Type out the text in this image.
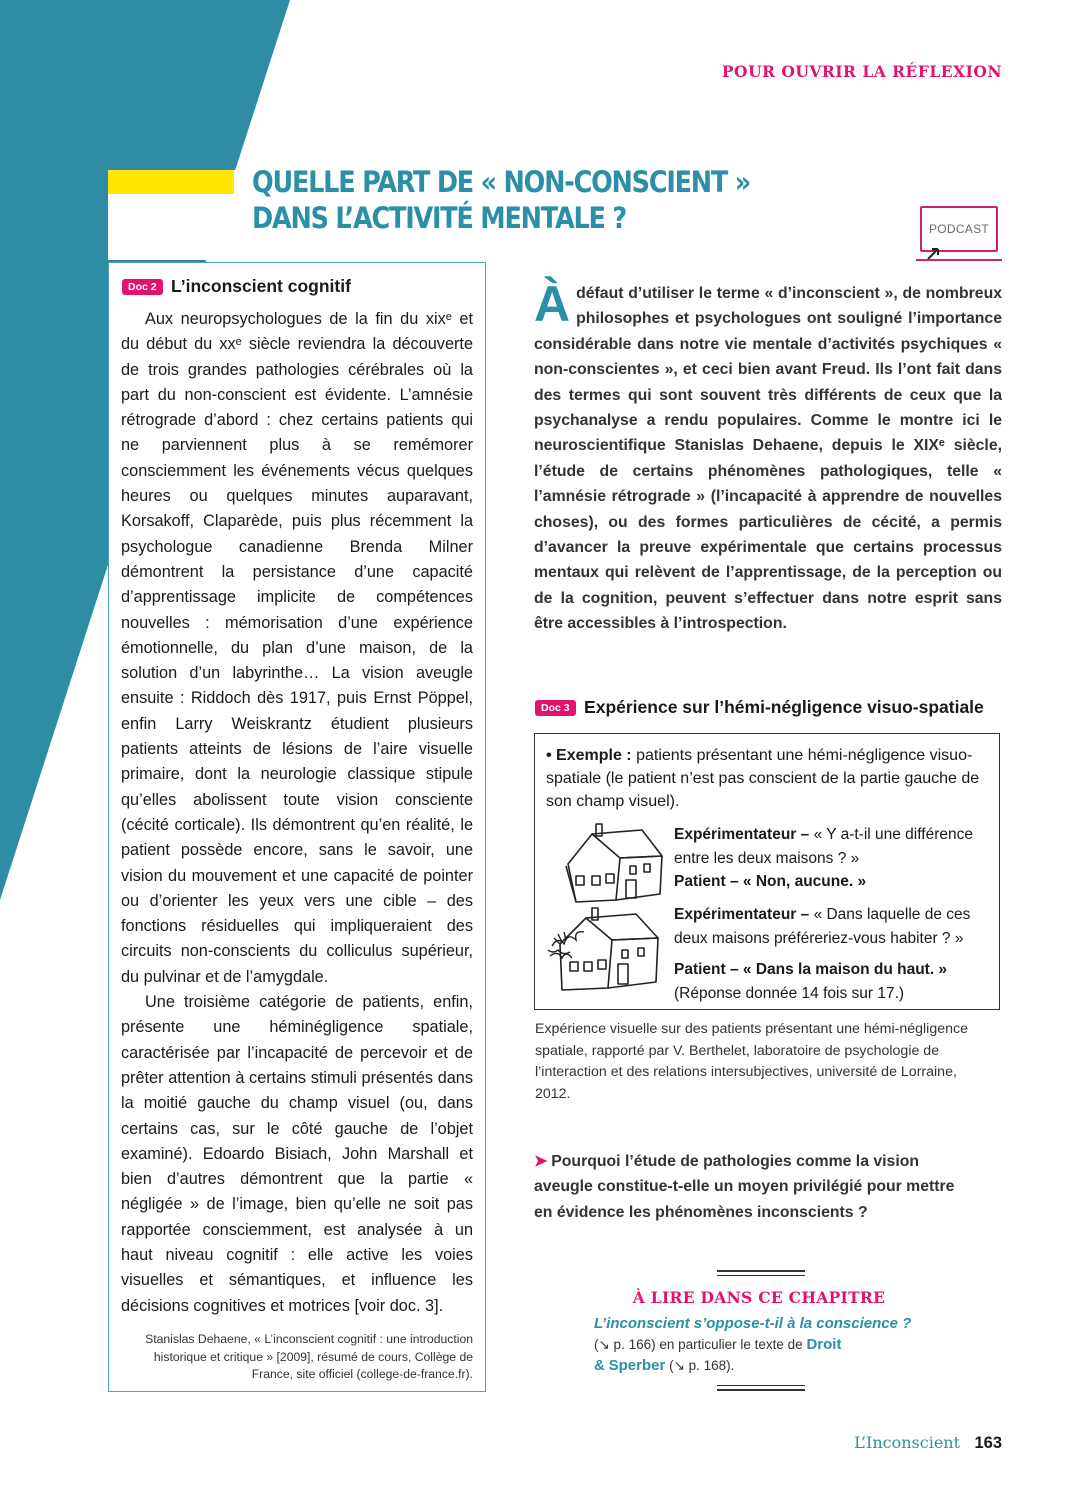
POUR OUVRIR LA RÉFLEXION
QUELLE PART DE « NON-CONSCIENT »
DANS L’ACTIVITÉ MENTALE ?	PODCAST
Doc 2 L’inconscient cognitif

Aux neuropsychologues de la fin du xixᵉ et du début du xxᵉ siècle reviendra la découverte de trois grandes pathologies cérébrales où la part du non-conscient est évidente. L’amnésie rétrograde d’abord : chez certains patients qui ne parviennent plus à se remémorer consciemment les événements vécus quelques heures ou quelques minutes auparavant, Korsakoff, Claparède, puis plus récemment la psychologue canadienne Brenda Milner démontrent la persistance d’une capacité d’apprentissage implicite de compétences nouvelles : mémorisation d’une expérience émotionnelle, du plan d’une maison, de la solution d’un labyrinthe… La vision aveugle ensuite : Riddoch dès 1917, puis Ernst Pöppel, enfin Larry Weiskrantz étudient plusieurs patients atteints de lésions de l’aire visuelle primaire, dont la neurologie classique stipule qu’elles abolissent toute vision consciente (cécité corticale). Ils démontrent qu’en réalité, le patient possède encore, sans le savoir, une vision du mouvement et une capacité de pointer ou d’orienter les yeux vers une cible – des fonctions résiduelles qui impliqueraient des circuits non-conscients du colliculus supérieur, du pulvinar et de l’amygdale.

Une troisième catégorie de patients, enfin, présente une héminégligence spatiale, caractérisée par l’incapacité de percevoir et de prêter attention à certains stimuli présentés dans la moitié gauche du champ visuel (ou, dans certains cas, sur le côté gauche de l’objet examiné). Edoardo Bisiach, John Marshall et bien d’autres démontrent que la partie « négligée » de l’image, bien qu’elle ne soit pas rapportée consciemment, est analysée à un haut niveau cognitif : elle active les voies visuelles et sémantiques, et influence les décisions cognitives et motrices [voir doc. 3].

Stanislas Dehaene, « L’inconscient cognitif : une introduction historique et critique » [2009], résumé de cours, Collège de France, site officiel (college-de-france.fr).
À défaut d’utiliser le terme « d’inconscient », de nombreux philosophes et psychologues ont souligné l’importance considérable dans notre vie mentale d’activités psychiques « non-conscientes », et ceci bien avant Freud. Ils l’ont fait dans des termes qui sont souvent très différents de ceux que la psychanalyse a rendu populaires. Comme le montre ici le neuroscientifique Stanislas Dehaene, depuis le XIXᵉ siècle, l’étude de certains phénomènes pathologiques, telle « l’amnésie rétrograde » (l’incapacité à apprendre de nouvelles choses), ou des formes particulières de cécité, a permis d’avancer la preuve expérimentale que certains processus mentaux qui relèvent de l’apprentissage, de la perception ou de la cognition, peuvent s’effectuer dans notre esprit sans être accessibles à l’introspection.
Doc 3 Expérience sur l’hémi-négligence visuo-spatiale
• Exemple : patients présentant une hémi-négligence visuo-spatiale (le patient n’est pas conscient de la partie gauche de son champ visuel).
Expérimentateur – « Y a-t-il une différence entre les deux maisons ? »
Patient – « Non, aucune. »
Expérimentateur – « Dans laquelle de ces deux maisons préféreriez-vous habiter ? »
Patient – « Dans la maison du haut. »
(Réponse donnée 14 fois sur 17.)
Expérience visuelle sur des patients présentant une hémi-négligence spatiale, rapporté par V. Berthelet, laboratoire de psychologie de l’interaction et des relations intersubjectives, université de Lorraine, 2012.
➤ Pourquoi l’étude de pathologies comme la vision aveugle constitue-t-elle un moyen privilégié pour mettre en évidence les phénomènes inconscients ?
À LIRE DANS CE CHAPITRE
L’inconscient s’oppose-t-il à la conscience ?
(↘ p. 166) en particulier le texte de Droit
& Sperber (↘ p. 168).
L’Inconscient 163
